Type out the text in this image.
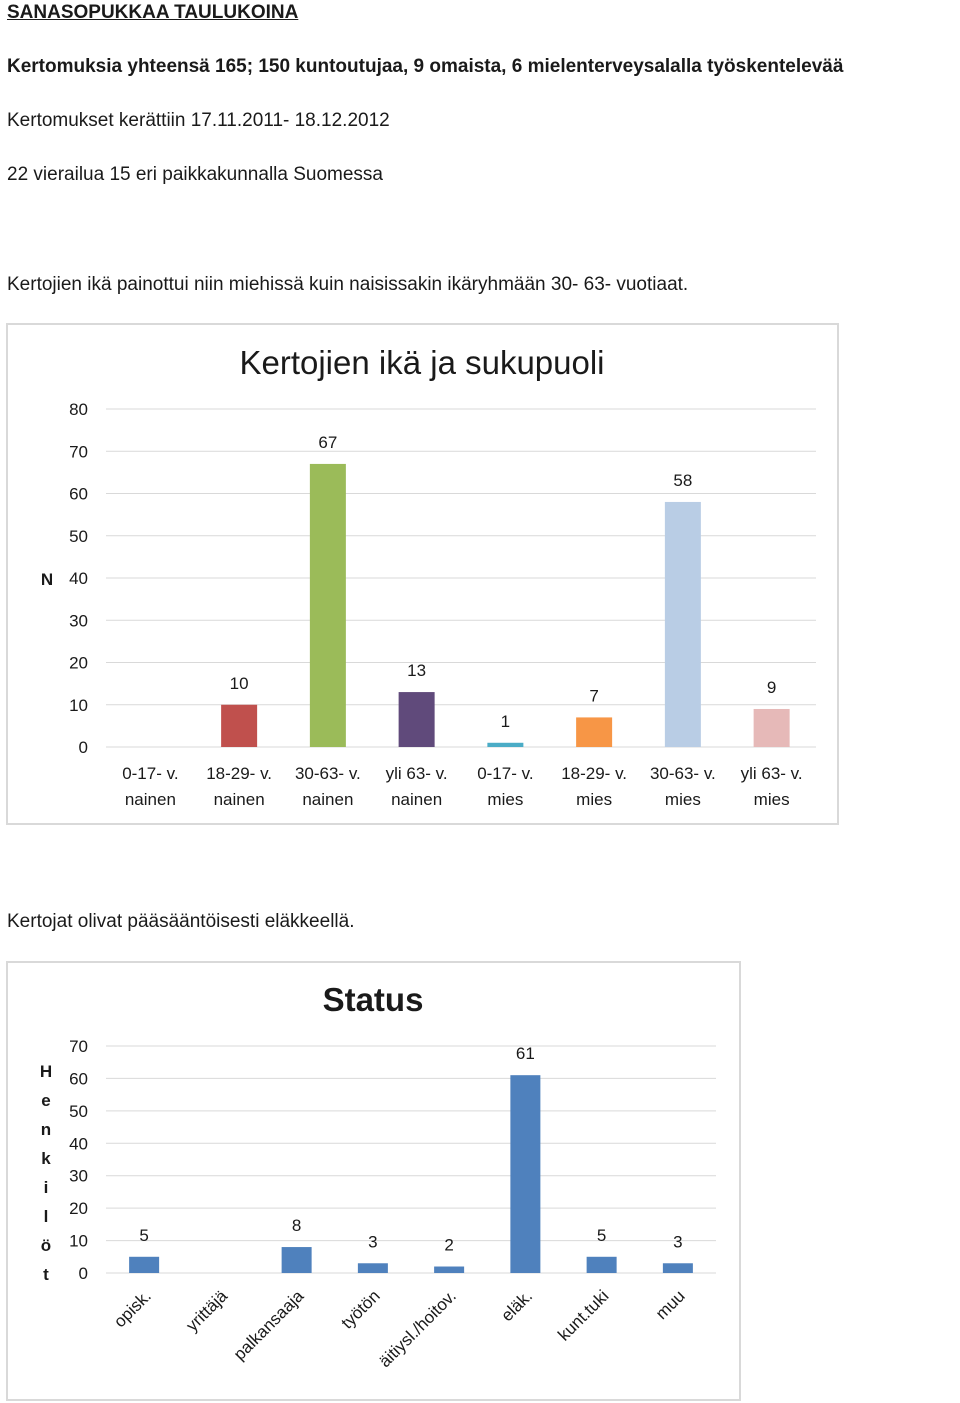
SANASOPUKKAA TAULUKOINA
Kertomuksia yhteensä 165; 150 kuntoutujaa, 9 omaista, 6 mielenterveysalalla työskentelevää
Kertomukset kerättiin 17.11.2011- 18.12.2012
22 vierailua 15 eri paikkakunnalla Suomessa
Kertojien ikä painottui niin miehissä kuin naisissakin ikäryhmään 30- 63- vuotiaat.
Kertojien ikä ja sukupuoli
0
10
20
30
40
50
60
70
80
N
0-17- v.
nainen
10
18-29- v.
nainen
67
30-63- v.
nainen
13
yli 63- v.
nainen
1
0-17- v.
mies
7
18-29- v.
mies
58
30-63- v.
mies
9
yli 63- v.
mies
Kertojat olivat pääsääntöisesti eläkkeellä.
Status
0
10
20
30
40
50
60
70
H e n k i l ö t
5
opisk. yrittäjä
8
palkansaaja
3
työtön
2
äitiysl./hoitov.
61
eläk.
5
kunt.tuki
3
muu
